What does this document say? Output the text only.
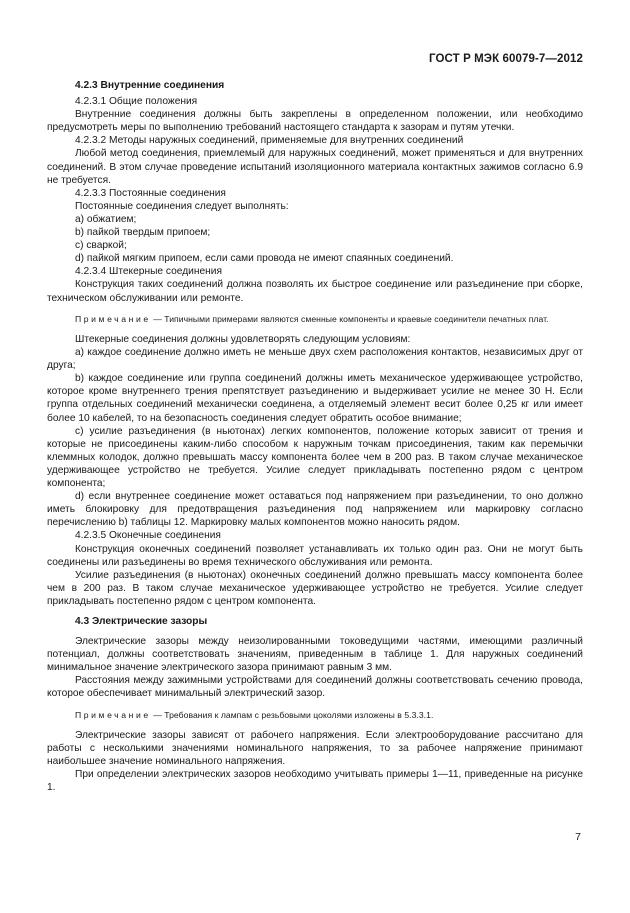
ГОСТ Р МЭК 60079-7—2012

4.2.3 Внутренние соединения

4.2.3.1 Общие положения

Внутренние соединения должны быть закреплены в определенном положении, или необходимо предусмотреть меры по выполнению требований настоящего стандарта к зазорам и путям утечки.

4.2.3.2 Методы наружных соединений, применяемые для внутренних соединений

Любой метод соединения, приемлемый для наружных соединений, может применяться и для внутренних соединений. В этом случае проведение испытаний изоляционного материала контактных зажимов согласно 6.9 не требуется.

4.2.3.3 Постоянные соединения

Постоянные соединения следует выполнять:

a) обжатием;

b) пайкой твердым припоем;

c) сваркой;

d) пайкой мягким припоем, если сами провода не имеют спаянных соединений.

4.2.3.4 Штекерные соединения

Конструкция таких соединений должна позволять их быстрое соединение или разъединение при сборке, техническом обслуживании или ремонте.

Примечание — Типичными примерами являются сменные компоненты и краевые соединители печатных плат.

Штекерные соединения должны удовлетворять следующим условиям:

a) каждое соединение должно иметь не меньше двух схем расположения контактов, независимых друг от друга;

b) каждое соединение или группа соединений должны иметь механическое удерживающее устройство, которое кроме внутреннего трения препятствует разъединению и выдерживает усилие не менее 30 Н. Если группа отдельных соединений механически соединена, а отделяемый элемент весит более 0,25 кг или имеет более 10 кабелей, то на безопасность соединения следует обратить особое внимание;

c) усилие разъединения (в ньютонах) легких компонентов, положение которых зависит от трения и которые не присоединены каким-либо способом к наружным точкам присоединения, таким как перемычки клеммных колодок, должно превышать массу компонента более чем в 200 раз. В таком случае механическое удерживающее устройство не требуется. Усилие следует прикладывать постепенно рядом с центром компонента;

d) если внутреннее соединение может оставаться под напряжением при разъединении, то оно должно иметь блокировку для предотвращения разъединения под напряжением или маркировку согласно перечислению b) таблицы 12. Маркировку малых компонентов можно наносить рядом.

4.2.3.5 Оконечные соединения

Конструкция оконечных соединений позволяет устанавливать их только один раз. Они не могут быть соединены или разъединены во время технического обслуживания или ремонта.

Усилие разъединения (в ньютонах) оконечных соединений должно превышать массу компонента более чем в 200 раз. В таком случае механическое удерживающее устройство не требуется. Усилие следует прикладывать постепенно рядом с центром компонента.

4.3 Электрические зазоры

Электрические зазоры между неизолированными токоведущими частями, имеющими различный потенциал, должны соответствовать значениям, приведенным в таблице 1. Для наружных соединений минимальное значение электрического зазора принимают равным 3 мм.

Расстояния между зажимными устройствами для соединений должны соответствовать сечению провода, которое обеспечивает минимальный электрический зазор.

Примечание — Требования к лампам с резьбовыми цоколями изложены в 5.3.3.1.

Электрические зазоры зависят от рабочего напряжения. Если электрооборудование рассчитано для работы с несколькими значениями номинального напряжения, то за рабочее напряжение принимают наибольшее значение номинального напряжения.

При определении электрических зазоров необходимо учитывать примеры 1—11, приведенные на рисунке 1.

7
